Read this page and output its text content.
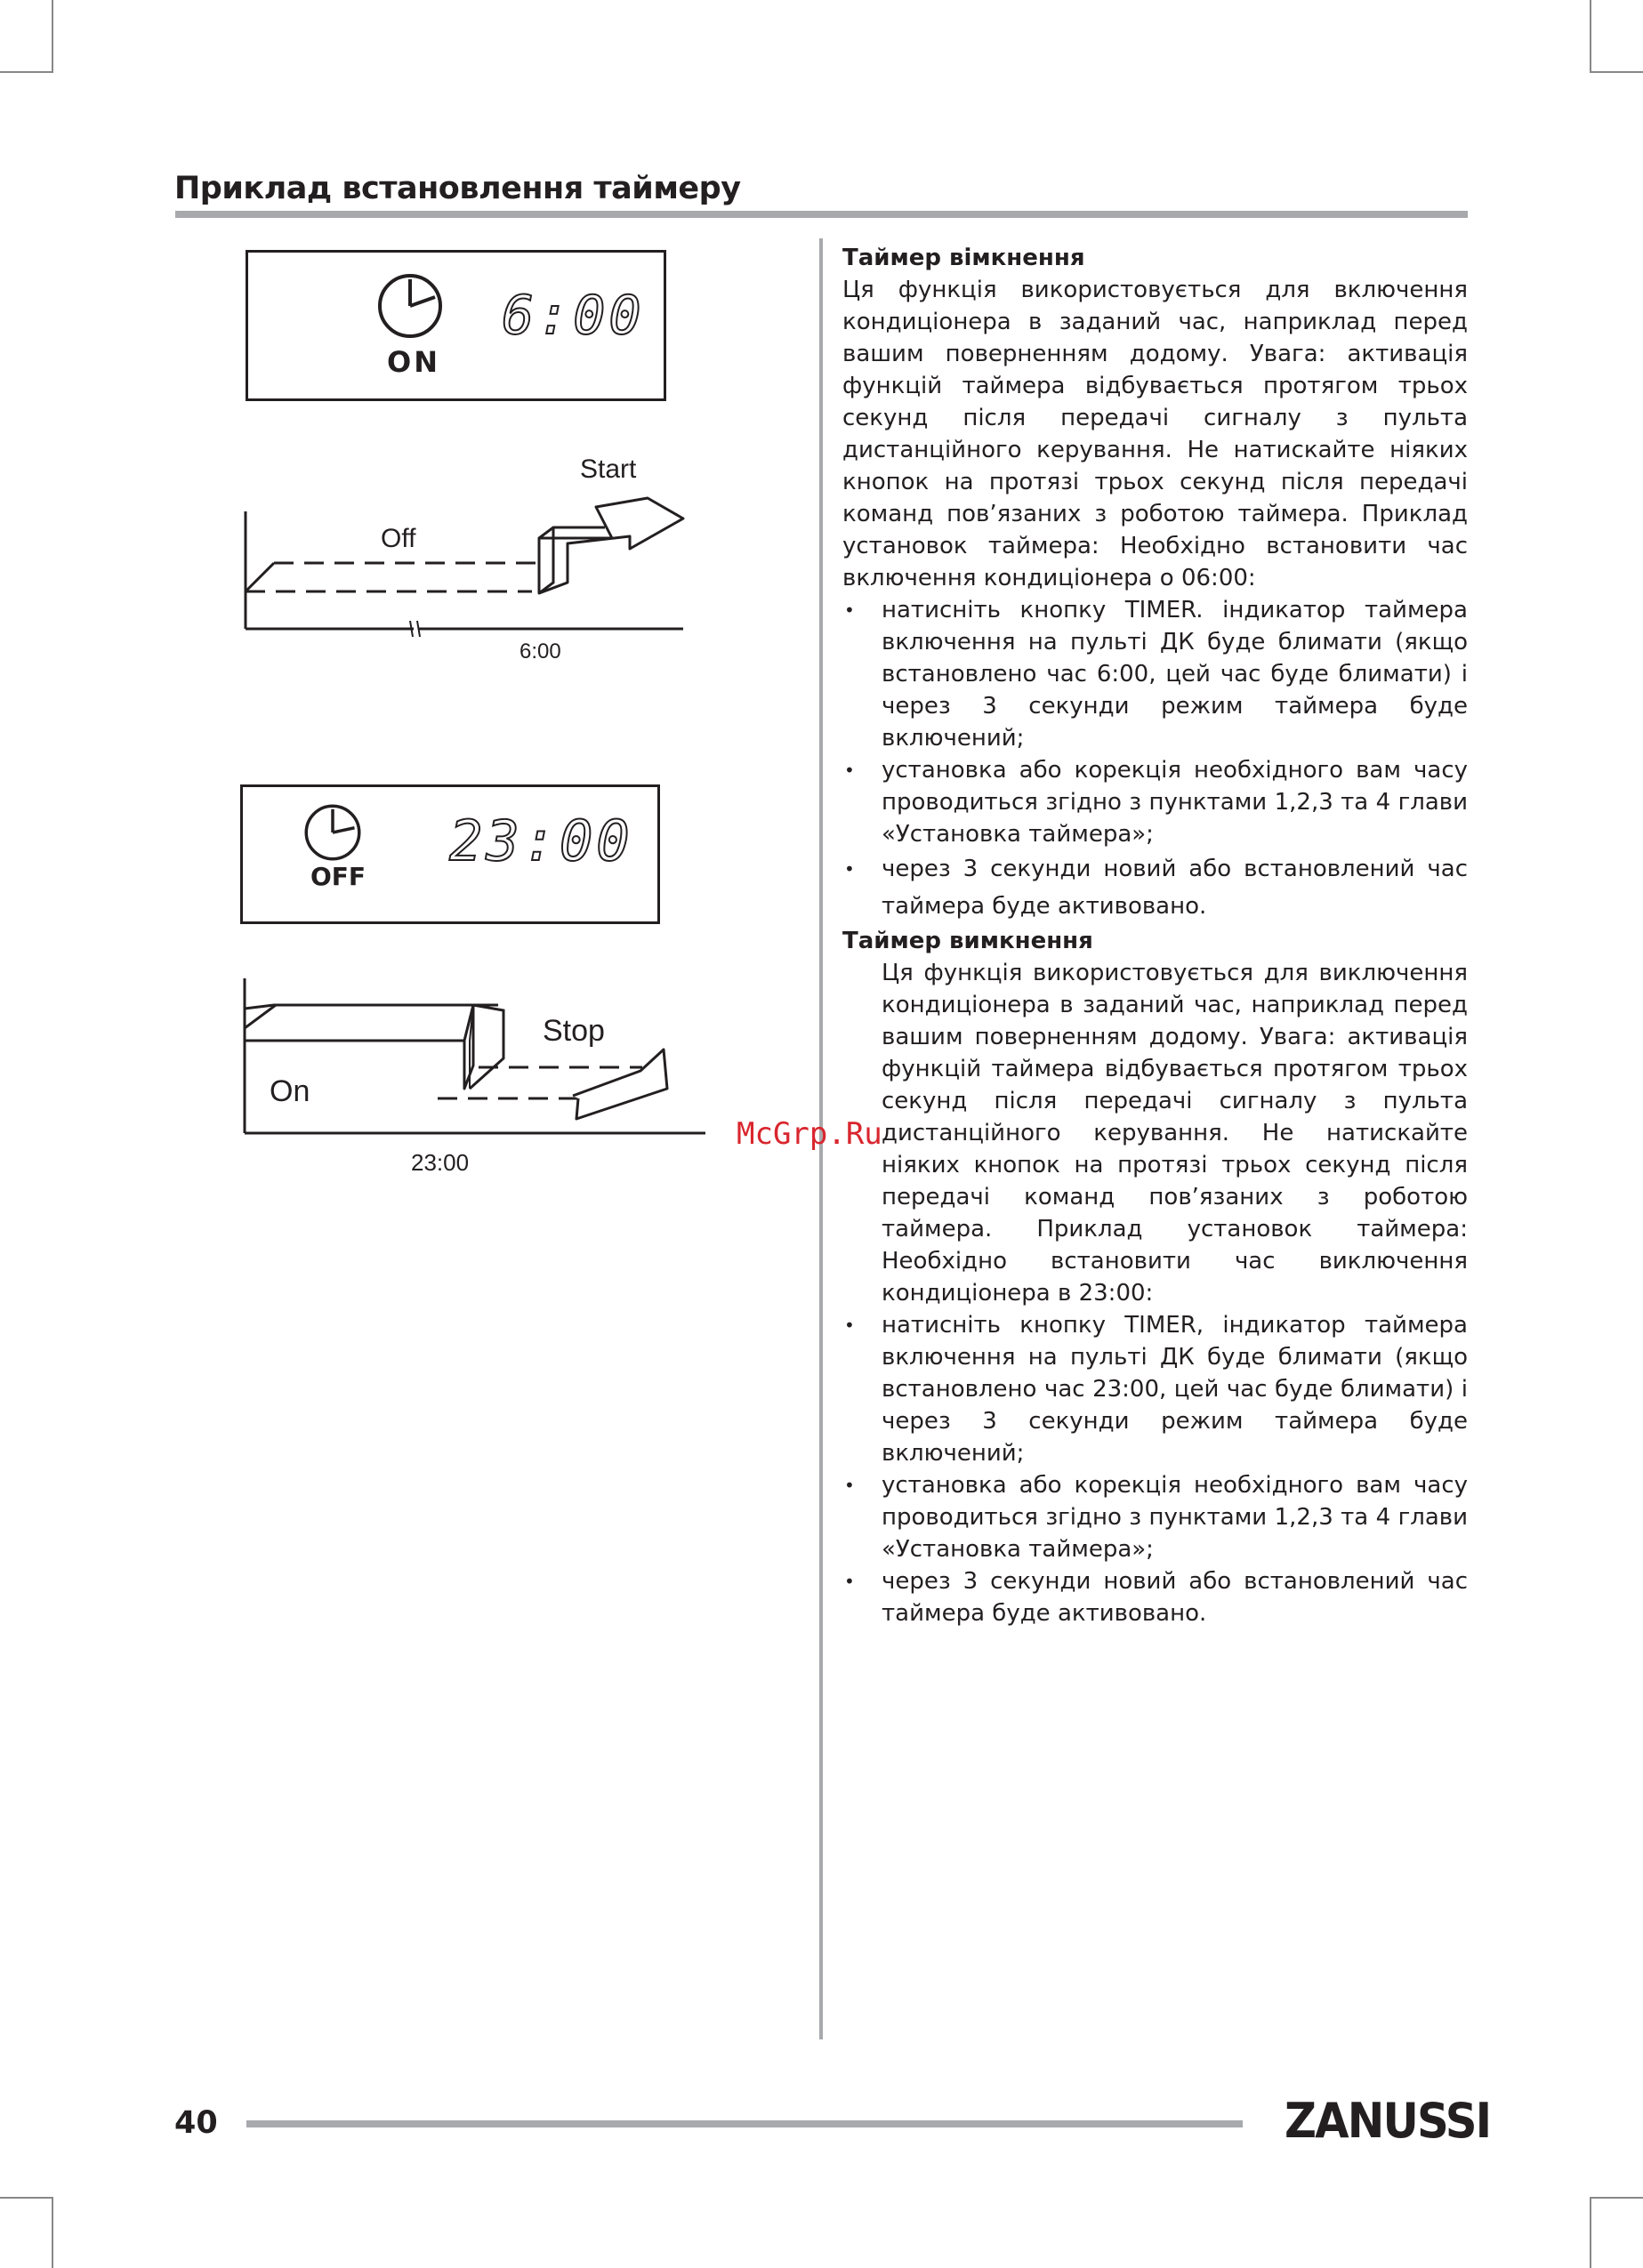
Приклад встановлення таймеру
ON
6:00
Start
Off
6:00
OFF
23:00
Stop
On
23:00
Таймер вімкнення

Ця функція використовується для включення кондиціонера в заданий час, наприклад перед вашим поверненням додому. Увага: активація функцій таймера відбувається протягом трьох секунд після передачі сигналу з пульта дистанційного керування. Не натискайте ніяких кнопок на протязі трьох секунд після передачі команд пов’язаних з роботою таймера. Приклад установок таймера: Необхідно встановити час включення кондиціонера о 06:00:

• натисніть кнопку TIMER. індикатор таймера включення на пульті ДК буде блимати (якщо встановлено час 6:00, цей час буде блимати) і через 3 секунди режим таймера буде включений;
• установка або корекція необхідного вам часу проводиться згідно з пунктами 1,2,3 та 4 глави «Установка таймера»;
• через 3 секунди новий або встановлений час таймера буде активовано.
Таймер вимкнення

Ця функція використовується для виключення кондиціонера в заданий час, наприклад перед вашим поверненням додому. Увага: активація функцій таймера відбувається протягом трьох секунд після передачі сигналу з пульта дистанційного керування. Не натискайте ніяких кнопок на протязі трьох секунд після передачі команд пов’язаних з роботою таймера. Приклад установок таймера: Необхідно встановити час виключення кондиціонера в 23:00:

• натисніть кнопку TIMER, індикатор таймера включення на пульті ДК буде блимати (якщо встановлено час 23:00, цей час буде блимати) і через 3 секунди режим таймера буде включений;
• установка або корекція необхідного вам часу проводиться згідно з пунктами 1,2,3 та 4 глави «Установка таймера»;
• через 3 секунди новий або встановлений час таймера буде активовано.
McGrp.Ru
40	ZANUSSI
